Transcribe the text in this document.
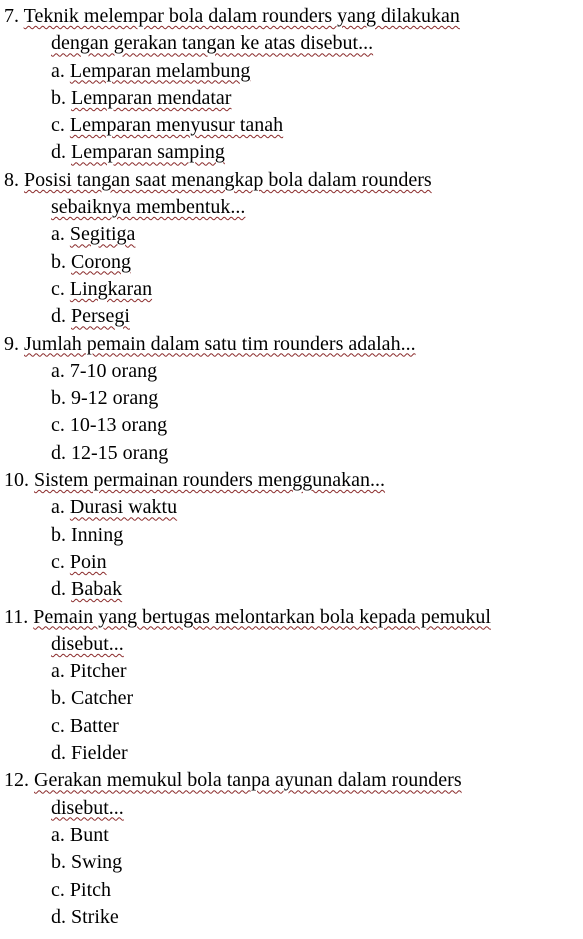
7. Teknik melempar bola dalam rounders yang dilakukan
dengan gerakan tangan ke atas disebut...
a. Lemparan melambung
b. Lemparan mendatar
c. Lemparan menyusur tanah
d. Lemparan samping
8. Posisi tangan saat menangkap bola dalam rounders
sebaiknya membentuk...
a. Segitiga
b. Corong
c. Lingkaran
d. Persegi
9. Jumlah pemain dalam satu tim rounders adalah...
a. 7-10 orang
b. 9-12 orang
c. 10-13 orang
d. 12-15 orang
10. Sistem permainan rounders menggunakan...
a. Durasi waktu
b. Inning
c. Poin
d. Babak
11. Pemain yang bertugas melontarkan bola kepada pemukul
disebut...
a. Pitcher
b. Catcher
c. Batter
d. Fielder
12. Gerakan memukul bola tanpa ayunan dalam rounders
disebut...
a. Bunt
b. Swing
c. Pitch
d. Strike
